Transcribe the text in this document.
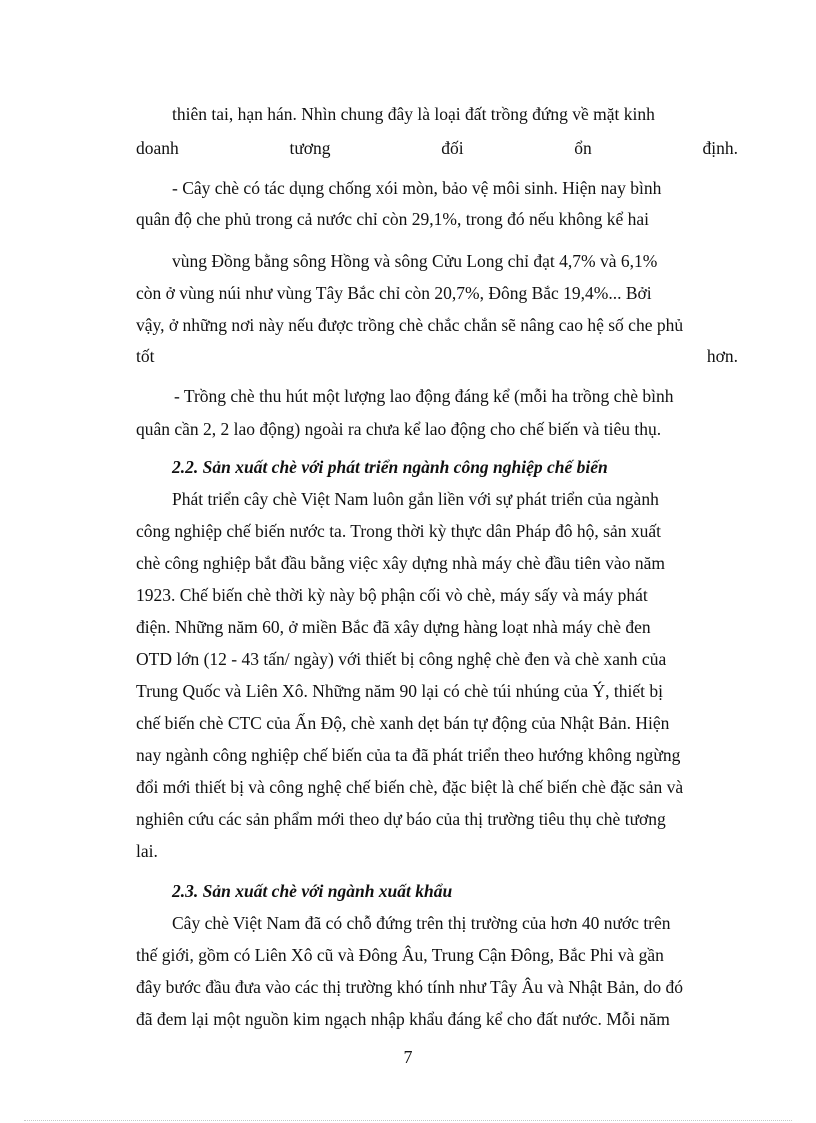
thiên tai, hạn hán. Nhìn chung đây là loại đất trồng đứng về mặt kinh
doanh	tương	đối	ổn	định.
- Cây chè có tác dụng chống xói mòn, bảo vệ môi sinh. Hiện nay bình
quân độ che phủ trong cả nước chỉ còn 29,1%, trong đó nếu không kể hai
vùng Đồng bằng sông Hồng và sông Cửu Long chỉ đạt 4,7% và 6,1%
còn ở vùng núi như vùng Tây Bắc chỉ còn 20,7%, Đông Bắc 19,4%... Bởi
vậy, ở những nơi này nếu được trồng chè chắc chắn sẽ nâng cao hệ số che phủ
tốt	hơn.
- Trồng chè thu hút một lượng lao động đáng kể (mỗi ha trồng chè bình
quân cần 2, 2 lao động) ngoài ra chưa kể lao động cho chế biến và tiêu thụ.
2.2. Sản xuất chè với phát triển ngành công nghiệp chế biến
Phát triển cây chè Việt Nam luôn gắn liền với sự phát triển của ngành
công nghiệp chế biến nước ta. Trong thời kỳ thực dân Pháp đô hộ, sản xuất
chè công nghiệp bắt đầu bằng việc xây dựng nhà máy chè đầu tiên vào năm
1923. Chế biến chè thời kỳ này bộ phận cối vò chè, máy sấy và máy phát
điện. Những năm 60, ở miền Bắc đã xây dựng hàng loạt nhà máy chè đen
OTD lớn (12 - 43 tấn/ ngày) với thiết bị công nghệ chè đen và chè xanh của
Trung Quốc và Liên Xô. Những năm 90 lại có chè túi nhúng của Ý, thiết bị
chế biến chè CTC của Ấn Độ, chè xanh dẹt bán tự động của Nhật Bản. Hiện
nay ngành công nghiệp chế biến của ta đã phát triển theo hướng không ngừng
đổi mới thiết bị và công nghệ chế biến chè, đặc biệt là chế biến chè đặc sản và
nghiên cứu các sản phẩm mới theo dự báo của thị trường tiêu thụ chè tương
lai.
2.3. Sản xuất chè với ngành xuất khẩu
Cây chè Việt Nam đã có chỗ đứng trên thị trường của hơn 40 nước trên
thế giới, gồm có Liên Xô cũ và Đông Âu, Trung Cận Đông, Bắc Phi và gần
đây bước đầu đưa vào các thị trường khó tính như Tây Âu và Nhật Bản, do đó
đã đem lại một nguồn kim ngạch nhập khẩu đáng kể cho đất nước. Mỗi năm
7
